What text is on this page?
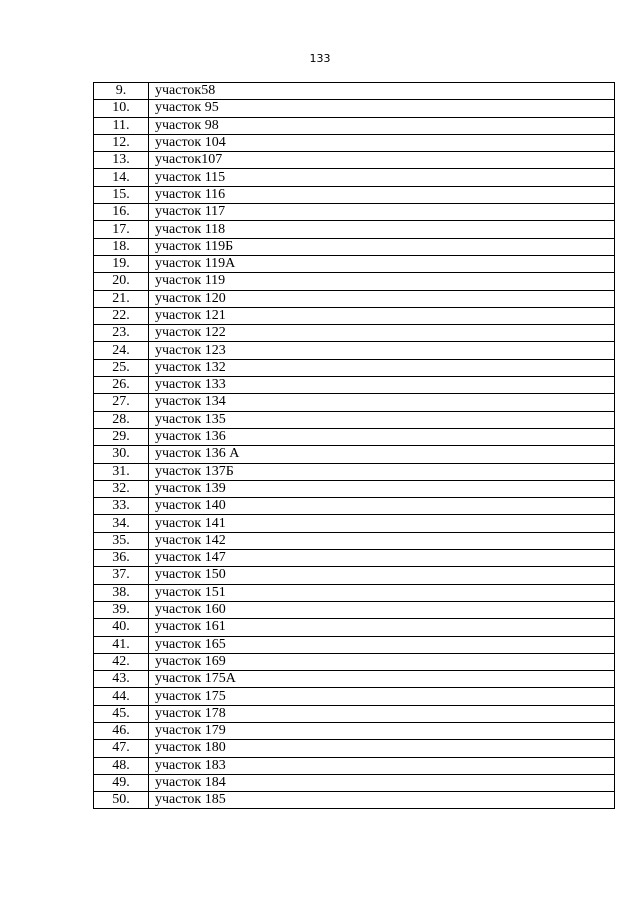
133
9.	участок58
10.	участок 95
11.	участок 98
12.	участок 104
13.	участок107
14.	участок 115
15.	участок 116
16.	участок 117
17.	участок 118
18.	участок 119Б
19.	участок 119А
20.	участок 119
21.	участок 120
22.	участок 121
23.	участок 122
24.	участок 123
25.	участок 132
26.	участок 133
27.	участок 134
28.	участок 135
29.	участок 136
30.	участок 136 А
31.	участок 137Б
32.	участок 139
33.	участок 140
34.	участок 141
35.	участок 142
36.	участок 147
37.	участок 150
38.	участок 151
39.	участок 160
40.	участок 161
41.	участок 165
42.	участок 169
43.	участок 175А
44.	участок 175
45.	участок 178
46.	участок 179
47.	участок 180
48.	участок 183
49.	участок 184
50.	участок 185
